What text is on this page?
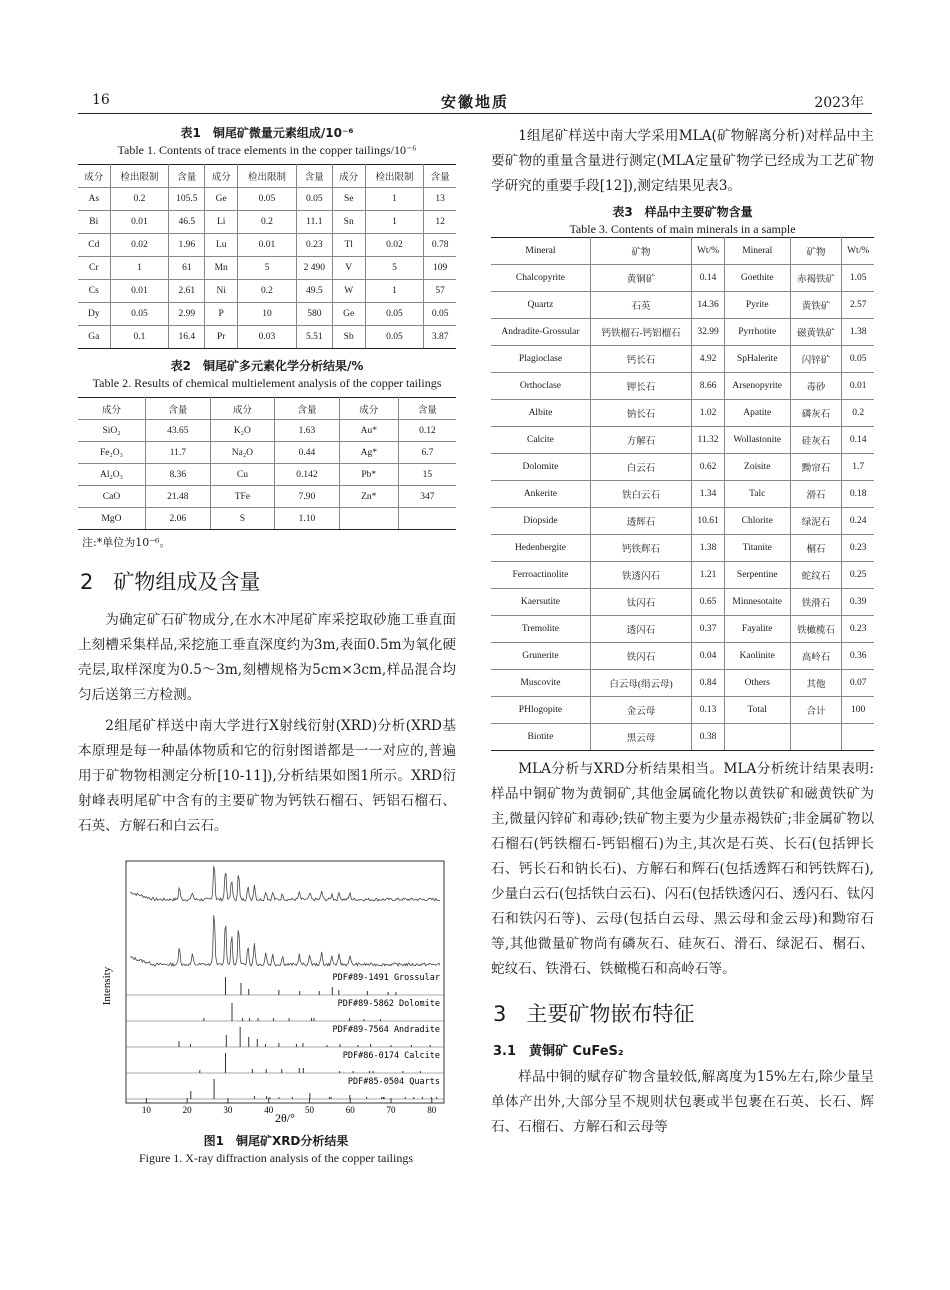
16	安徽地质	2023年
表1　铜尾矿微量元素组成/10⁻⁶
Table 1. Contents of trace elements in the copper tailings/10⁻⁶
成分	检出限制	含量	成分	检出限制	含量	成分	检出限制	含量
As	0.2	105.5	Ge	0.05	0.05	Se	1	13
Bi	0.01	46.5	Li	0.2	11.1	Sn	1	12
Cd	0.02	1.96	Lu	0.01	0.23	Tl	0.02	0.78
Cr	1	61	Mn	5	2 490	V	5	109
Cs	0.01	2.61	Ni	0.2	49.5	W	1	57
Dy	0.05	2.99	P	10	580	Ge	0.05	0.05
Ga	0.1	16.4	Pr	0.03	5.51	Sb	0.05	3.87
表2　铜尾矿多元素化学分析结果/%
Table 2. Results of chemical multielement analysis of the copper tailings
成分	含量	成分	含量	成分	含量
SiO₂	43.65	K₂O	1.63	Au*	0.12
Fe₂O₃	11.7	Na₂O	0.44	Ag*	6.7
Al₂O₃	8.36	Cu	0.142	Pb*	15
CaO	21.48	TFe	7.90	Zn*	347
MgO	2.06	S	1.10		
注:*单位为10⁻⁶。
2 矿物组成及含量

为确定矿石矿物成分,在水木冲尾矿库采挖取砂施工垂直面上刻槽采集样品,采挖施工垂直深度约为3m,表面0.5m为氧化硬壳层,取样深度为0.5～3m,刻槽规格为5cm×3cm,样品混合均匀后送第三方检测。

2组尾矿样送中南大学进行X射线衍射(XRD)分析(XRD基本原理是每一种晶体物质和它的衍射图谱都是一一对应的,普遍用于矿物物相测定分析[10-11]),分析结果如图1所示。XRD衍射峰表明尾矿中含有的主要矿物为钙铁石榴石、钙铝石榴石、石英、方解石和白云石。

Intensity	PDF#89-1491 Grossular
PDF#89-5862 Dolomite
PDF#89-7564 Andradite
PDF#86-0174 Calcite
PDF#85-0504 Quarts
10	20	30	40	50	60	70	80
2θ/°
图1　铜尾矿XRD分析结果
Figure 1. X-ray diffraction analysis of the copper tailings

1组尾矿样送中南大学采用MLA(矿物解离分析)对样品中主要矿物的重量含量进行测定(MLA定量矿物学已经成为工艺矿物学研究的重要手段[12]),测定结果见表3。

表3　样品中主要矿物含量
Table 3. Contents of main minerals in a sample
Mineral	矿物	Wt/%	Mineral	矿物	Wt/%
Chalcopyrite	黄铜矿	0.14	Goethite	赤褐铁矿	1.05
Quartz	石英	14.36	Pyrite	黄铁矿	2.57
Andradite-Grossular	钙铁榴石-钙铝榴石	32.99	Pyrrhotite	磁黄铁矿	1.38
Plagioclase	钙长石	4.92	SpHalerite	闪锌矿	0.05
Orthoclase	钾长石	8.66	Arsenopyrite	毒砂	0.01
Albite	钠长石	1.02	Apatite	磷灰石	0.2
Calcite	方解石	11.32	Wollastonite	硅灰石	0.14
Dolomite	白云石	0.62	Zoisite	黝帘石	1.7
Ankerite	铁白云石	1.34	Talc	滑石	0.18
Diopside	透辉石	10.61	Chlorite	绿泥石	0.24
Hedenbergite	钙铁辉石	1.38	Titanite	榍石	0.23
Ferroactinolite	铁透闪石	1.21	Serpentine	蛇纹石	0.25
Kaersutite	钛闪石	0.65	Minnesotaite	铁滑石	0.39
Tremolite	透闪石	0.37	Fayalite	铁橄榄石	0.23
Grunerite	铁闪石	0.04	Kaolinite	高岭石	0.36
Muscovite	白云母(绢云母)	0.84	Others	其他	0.07
PHlogopite	金云母	0.13	Total	合计	100
Biotite	黑云母	0.38			

MLA分析与XRD分析结果相当。MLA分析统计结果表明:样品中铜矿物为黄铜矿,其他金属硫化物以黄铁矿和磁黄铁矿为主,微量闪锌矿和毒砂;铁矿物主要为少量赤褐铁矿;非金属矿物以石榴石(钙铁榴石-钙铝榴石)为主,其次是石英、长石(包括钾长石、钙长石和钠长石)、方解石和辉石(包括透辉石和钙铁辉石),少量白云石(包括铁白云石)、闪石(包括铁透闪石、透闪石、钛闪石和铁闪石等)、云母(包括白云母、黑云母和金云母)和黝帘石等,其他微量矿物尚有磷灰石、硅灰石、滑石、绿泥石、榍石、蛇纹石、铁滑石、铁橄榄石和高岭石等。

3 主要矿物嵌布特征
3.1　黄铜矿 CuFeS₂

样品中铜的赋存矿物含量较低,解离度为15%左右,除少量呈单体产出外,大部分呈不规则状包裹或半包裹在石英、长石、辉石、石榴石、方解石和云母等
